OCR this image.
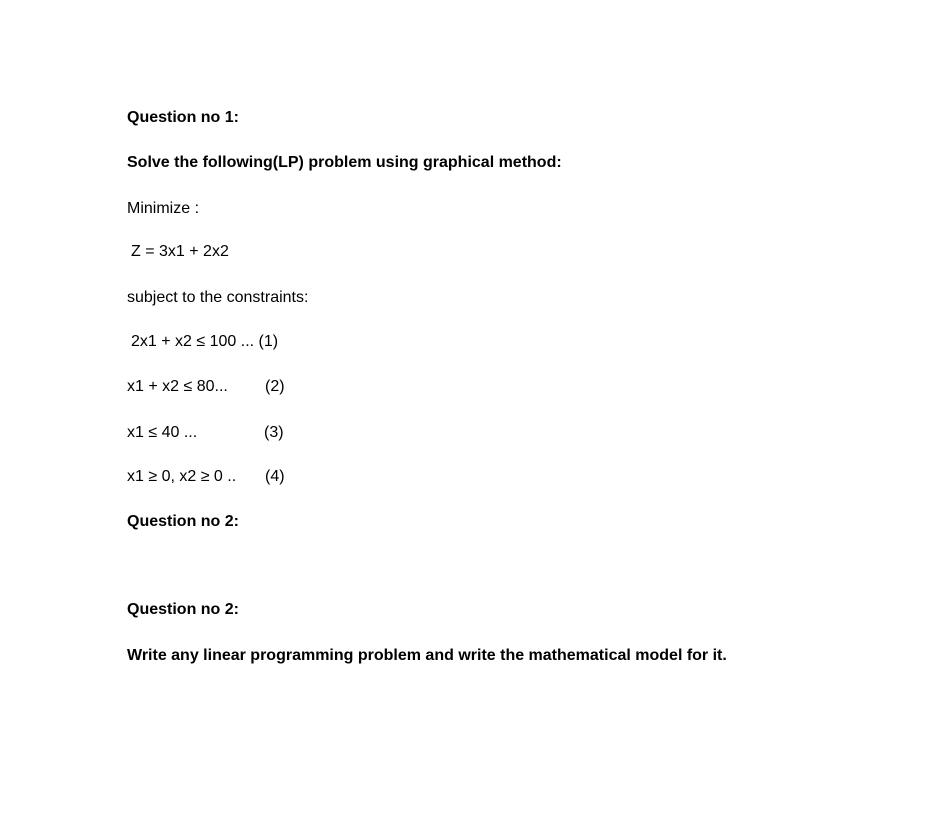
Question no 1:

Solve the following(LP) problem using graphical method:

Minimize :

Z = 3x1 + 2x2

subject to the constraints:

2x1 + x2 ≤ 100 ... (1)

x1 + x2 ≤ 80... (2)

x1 ≤ 40 ...	(3)

x1 ≥ 0, x2 ≥ 0 .. (4)

Question no 2:

Question no 2:

Write any linear programming problem and write the mathematical model for it.
